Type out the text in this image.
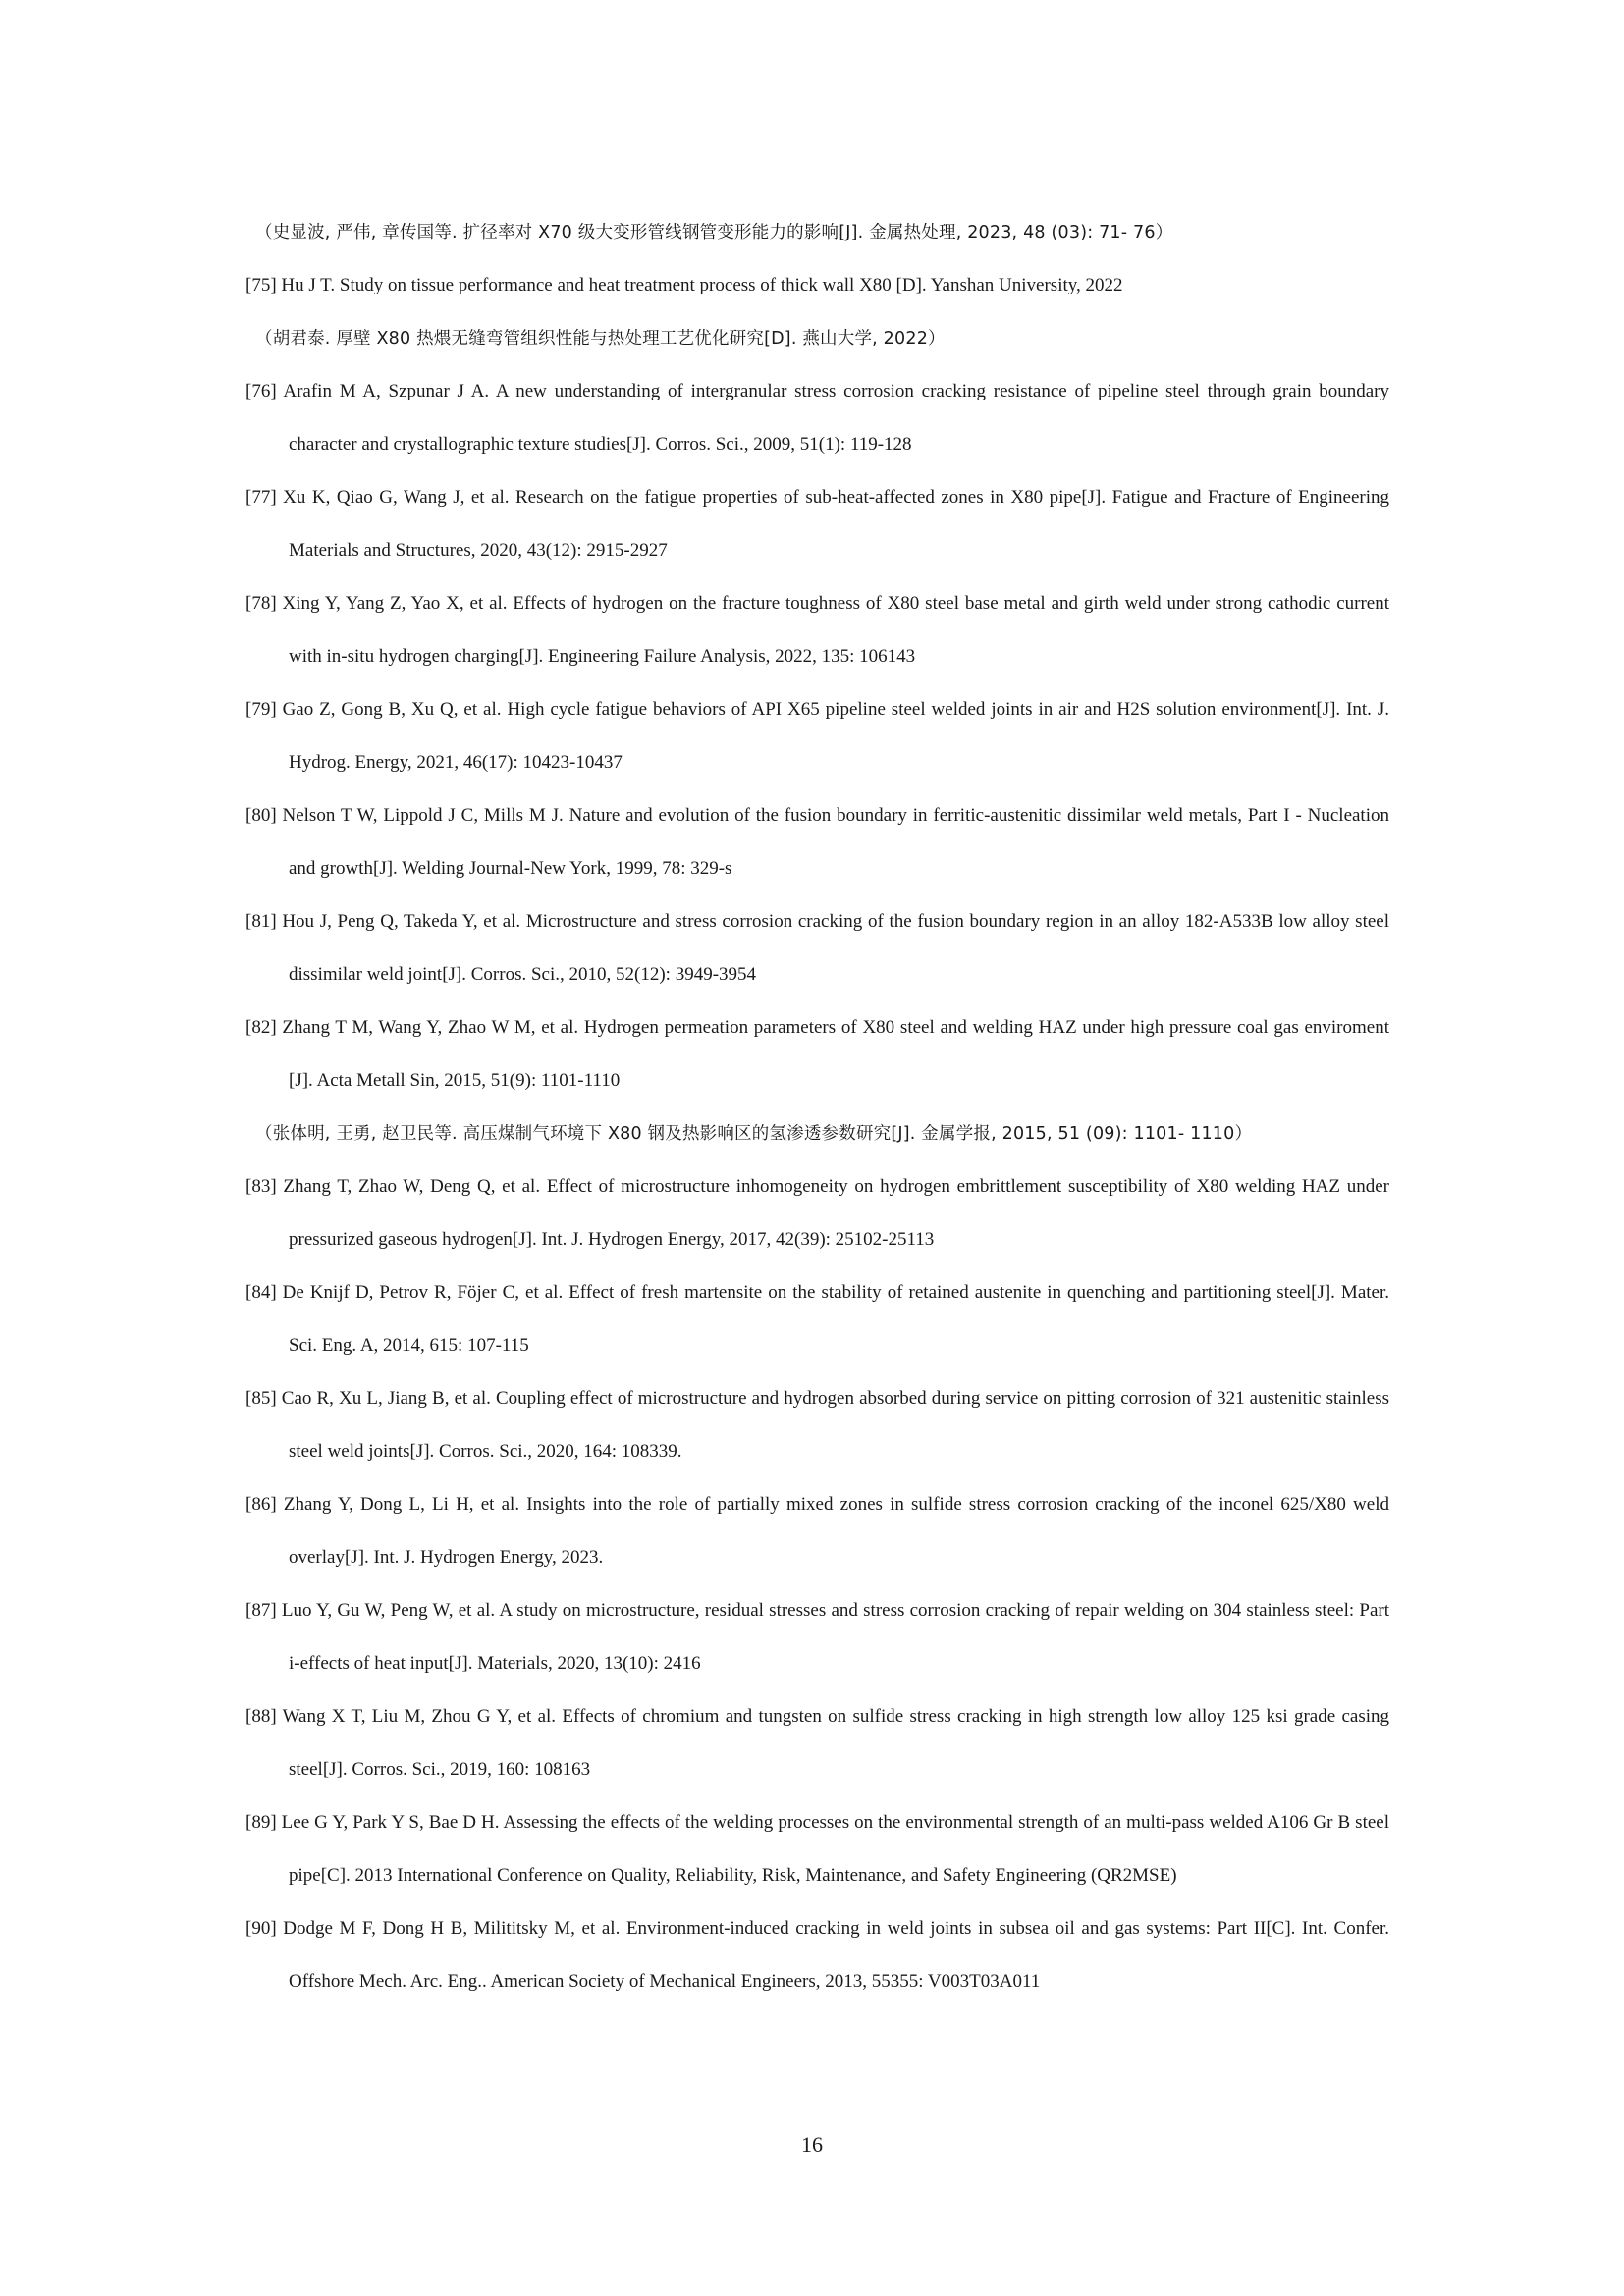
（史显波, 严伟, 章传国等. 扩径率对 X70 级大变形管线钢管变形能力的影响[J]. 金属热处理, 2023, 48 (03): 71- 76）

[75] Hu J T. Study on tissue performance and heat treatment process of thick wall X80 [D]. Yanshan University, 2022

（胡君泰. 厚壁 X80 热煨无缝弯管组织性能与热处理工艺优化研究[D]. 燕山大学, 2022）

[76] Arafin M A, Szpunar J A. A new understanding of intergranular stress corrosion cracking resistance of pipeline steel through grain boundary character and crystallographic texture studies[J]. Corros. Sci., 2009, 51(1): 119-128

[77] Xu K, Qiao G, Wang J, et al. Research on the fatigue properties of sub-heat-affected zones in X80 pipe[J]. Fatigue and Fracture of Engineering Materials and Structures, 2020, 43(12): 2915-2927

[78] Xing Y, Yang Z, Yao X, et al. Effects of hydrogen on the fracture toughness of X80 steel base metal and girth weld under strong cathodic current with in-situ hydrogen charging[J]. Engineering Failure Analysis, 2022, 135: 106143

[79] Gao Z, Gong B, Xu Q, et al. High cycle fatigue behaviors of API X65 pipeline steel welded joints in air and H2S solution environment[J]. Int. J. Hydrog. Energy, 2021, 46(17): 10423-10437

[80] Nelson T W, Lippold J C, Mills M J. Nature and evolution of the fusion boundary in ferritic-austenitic dissimilar weld metals, Part I - Nucleation and growth[J]. Welding Journal-New York, 1999, 78: 329-s

[81] Hou J, Peng Q, Takeda Y, et al. Microstructure and stress corrosion cracking of the fusion boundary region in an alloy 182-A533B low alloy steel dissimilar weld joint[J]. Corros. Sci., 2010, 52(12): 3949-3954

[82] Zhang T M, Wang Y, Zhao W M, et al. Hydrogen permeation parameters of X80 steel and welding HAZ under high pressure coal gas enviroment [J]. Acta Metall Sin, 2015, 51(9): 1101-1110

（张体明, 王勇, 赵卫民等. 高压煤制气环境下 X80 钢及热影响区的氢渗透参数研究[J]. 金属学报, 2015, 51 (09): 1101- 1110）

[83] Zhang T, Zhao W, Deng Q, et al. Effect of microstructure inhomogeneity on hydrogen embrittlement susceptibility of X80 welding HAZ under pressurized gaseous hydrogen[J]. Int. J. Hydrogen Energy, 2017, 42(39): 25102-25113

[84] De Knijf D, Petrov R, Föjer C, et al. Effect of fresh martensite on the stability of retained austenite in quenching and partitioning steel[J]. Mater. Sci. Eng. A, 2014, 615: 107-115

[85] Cao R, Xu L, Jiang B, et al. Coupling effect of microstructure and hydrogen absorbed during service on pitting corrosion of 321 austenitic stainless steel weld joints[J]. Corros. Sci., 2020, 164: 108339.

[86] Zhang Y, Dong L, Li H, et al. Insights into the role of partially mixed zones in sulfide stress corrosion cracking of the inconel 625/X80 weld overlay[J]. Int. J. Hydrogen Energy, 2023.

[87] Luo Y, Gu W, Peng W, et al. A study on microstructure, residual stresses and stress corrosion cracking of repair welding on 304 stainless steel: Part i-effects of heat input[J]. Materials, 2020, 13(10): 2416

[88] Wang X T, Liu M, Zhou G Y, et al. Effects of chromium and tungsten on sulfide stress cracking in high strength low alloy 125 ksi grade casing steel[J]. Corros. Sci., 2019, 160: 108163

[89] Lee G Y, Park Y S, Bae D H. Assessing the effects of the welding processes on the environmental strength of an multi-pass welded A106 Gr B steel pipe[C]. 2013 International Conference on Quality, Reliability, Risk, Maintenance, and Safety Engineering (QR2MSE)

[90] Dodge M F, Dong H B, Milititsky M, et al. Environment-induced cracking in weld joints in subsea oil and gas systems: Part II[C]. Int. Confer. Offshore Mech. Arc. Eng.. American Society of Mechanical Engineers, 2013, 55355: V003T03A011

16
